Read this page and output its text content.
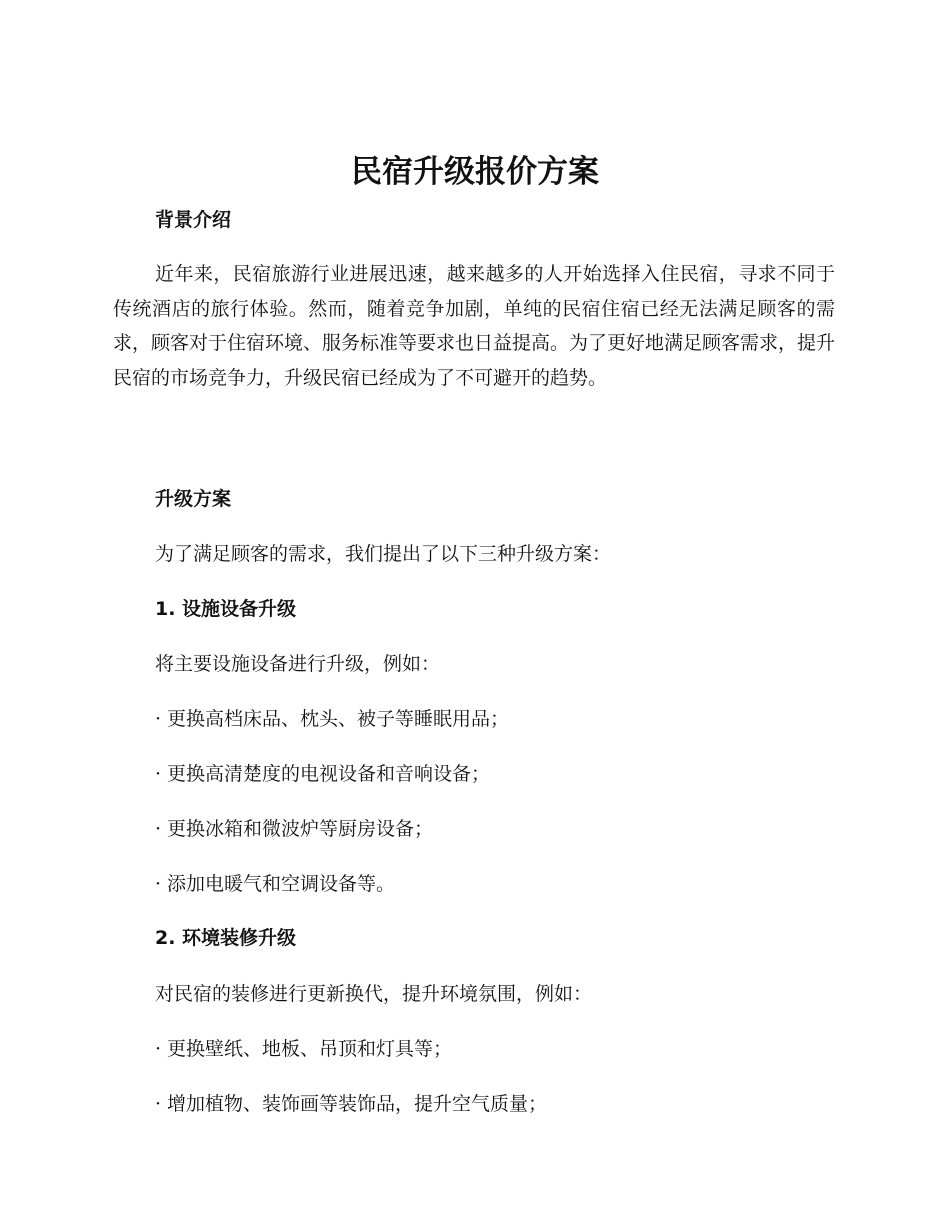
民宿升级报价方案
背景介绍

近年来，民宿旅游行业进展迅速，越来越多的人开始选择入住民宿，寻求不同于传统酒店的旅行体验。然而，随着竞争加剧，单纯的民宿住宿已经无法满足顾客的需求，顾客对于住宿环境、服务标准等要求也日益提高。为了更好地满足顾客需求，提升民宿的市场竞争力，升级民宿已经成为了不可避开的趋势。

升级方案

为了满足顾客的需求，我们提出了以下三种升级方案：

1. 设施设备升级

将主要设施设备进行升级，例如：

· 更换高档床品、枕头、被子等睡眠用品；

· 更换高清楚度的电视设备和音响设备；

· 更换冰箱和微波炉等厨房设备；

· 添加电暖气和空调设备等。

2. 环境装修升级

对民宿的装修进行更新换代，提升环境氛围，例如：

· 更换壁纸、地板、吊顶和灯具等；

· 增加植物、装饰画等装饰品，提升空气质量；
